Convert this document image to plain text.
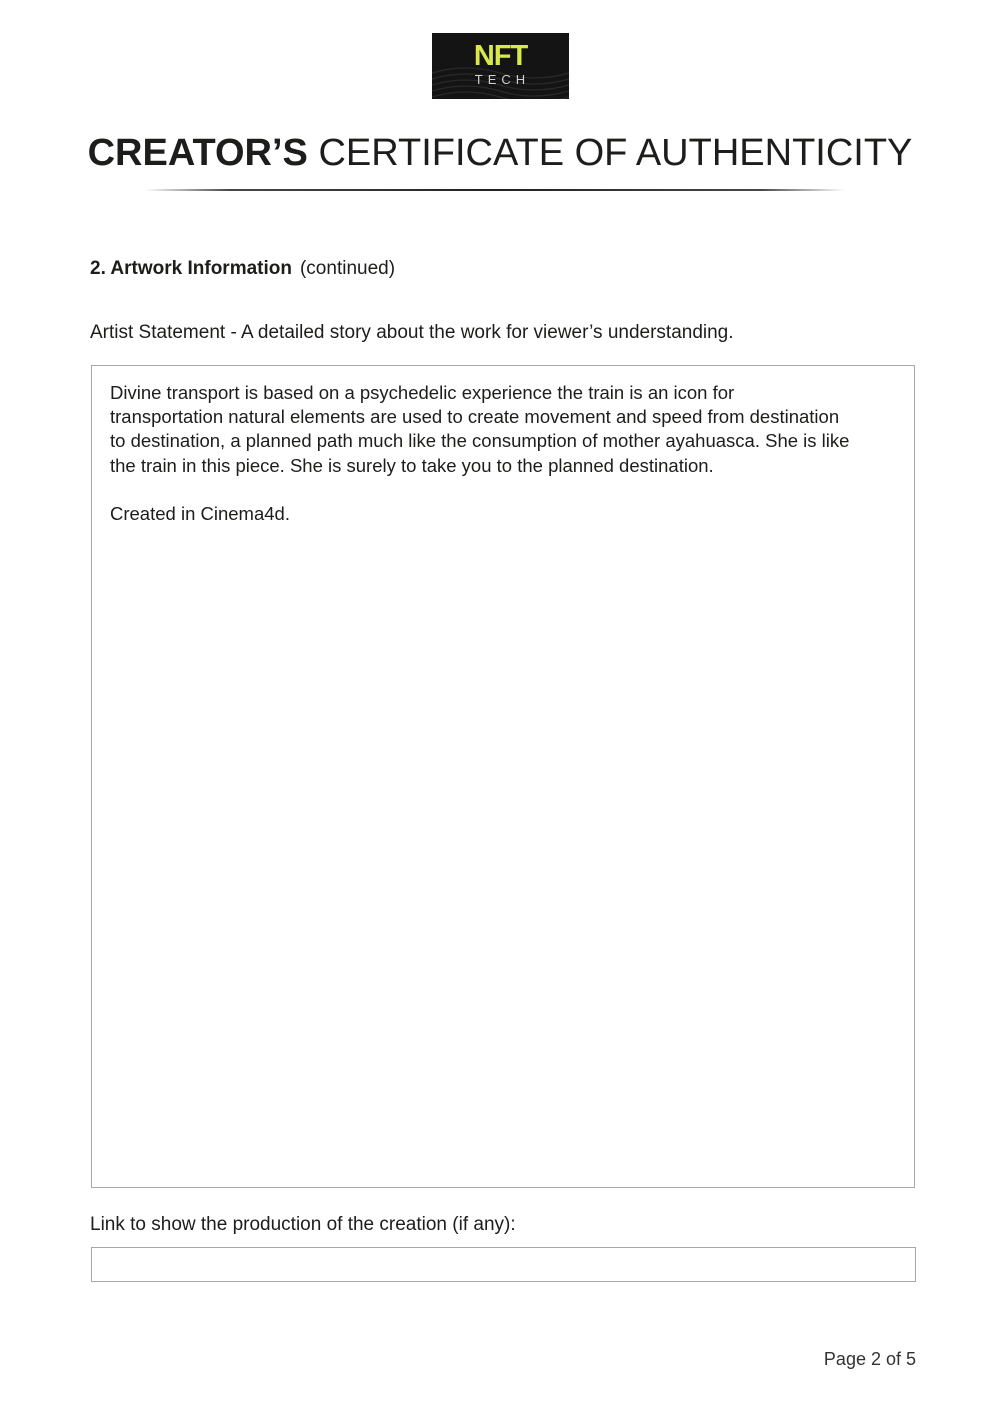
NFT
TECH
CREATOR’S CERTIFICATE OF AUTHENTICITY
2. Artwork Information (continued)
Artist Statement - A detailed story about the work for viewer’s understanding.

Divine transport is based on a psychedelic experience the train is an icon for transportation natural elements are used to create movement and speed from destination to destination, a planned path much like the consumption of mother ayahuasca. She is like the train in this piece. She is surely to take you to the planned destination.

Created in Cinema4d.

Link to show the production of the creation (if any):
Page 2 of 5
